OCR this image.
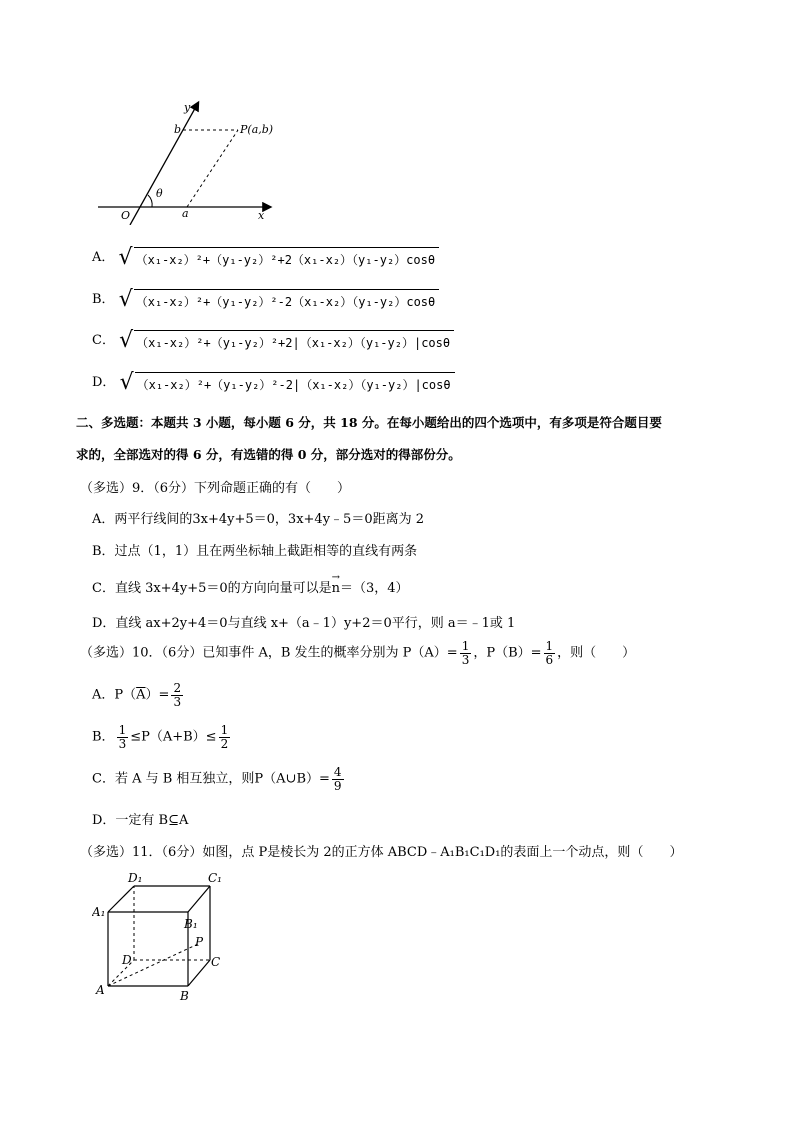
y
b	P(a,b)
θ
O	a	x
A． √ （x₁-x₂）²+（y₁-y₂）²+2（x₁-x₂）（y₁-y₂）cosθ
B． √ （x₁-x₂）²+（y₁-y₂）²-2（x₁-x₂）（y₁-y₂）cosθ
C． √ （x₁-x₂）²+（y₁-y₂）²+2|（x₁-x₂）（y₁-y₂）|cosθ
D． √ （x₁-x₂）²+（y₁-y₂）²-2|（x₁-x₂）（y₁-y₂）|cosθ
二、多选题：本题共 3 小题，每小题 6 分，共 18 分。在每小题给出的四个选项中，有多项是符合题目要
求的，全部选对的得 6 分，有选错的得 0 分，部分选对的得部份分。
（多选）9．（6分）下列命题正确的有（　　）
A．两平行线间的3x+4y+5＝0，3x+4y﹣5＝0距离为 2
B．过点（1，1）且在两坐标轴上截距相等的直线有两条
C．直线 3x+4y+5＝0的方向向量可以是
→
n＝（3，4）
D．直线 ax+2y+4＝0与直线 x+（a﹣1）y+2＝0平行，则 a＝﹣1或 1
（多选）10．（6分）已知事件 A，B 发生的概率分别为 $P(A)= \frac{1}{3}$ ，$P(B)= \frac{1}{6}$ ，则（　　）
A．$P(\overline{A})= \frac{2}{3}$
B． $\frac{1}{3} \le P(A+B)\le \frac{1}{2}$
C．若 A 与 B 相互独立，则P（A∪B）= $\frac{4}{9}$
D．一定有 B⊆A
（多选）11．（6分）如图，点 P是棱长为 2的正方体 ABCD﹣A₁B₁C₁D₁的表面上一个动点，则（　　）
D₁	C₁
A₁
B₁
P
D	C
A	B
